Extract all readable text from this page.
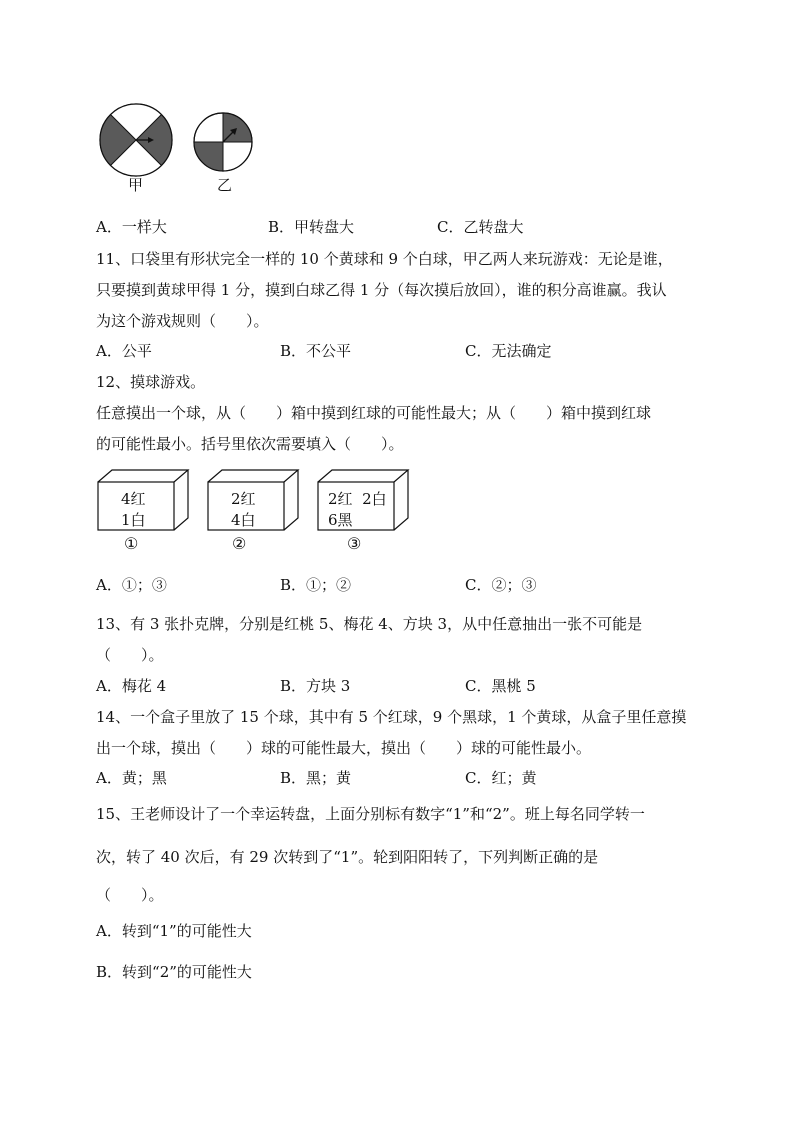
甲	乙
A．一样大	B．甲转盘大	C．乙转盘大
11、口袋里有形状完全一样的 10 个黄球和 9 个白球，甲乙两人来玩游戏：无论是谁，
只要摸到黄球甲得 1 分，摸到白球乙得 1 分（每次摸后放回），谁的积分高谁赢。我认
为这个游戏规则（　　）。
A．公平	B．不公平	C．无法确定
12、摸球游戏。
任意摸出一个球，从（　　）箱中摸到红球的可能性最大；从（　　）箱中摸到红球
的可能性最小。括号里依次需要填入（　　）。
4红
1白
2红
4白
2红  2白
6黑
①	②	③
A．①；③	B．①；②	C．②；③
13、有 3 张扑克牌，分别是红桃 5、梅花 4、方块 3，从中任意抽出一张不可能是
（　　）。
A．梅花 4	B．方块 3	C．黑桃 5
14、一个盒子里放了 15 个球，其中有 5 个红球，9 个黑球，1 个黄球，从盒子里任意摸
出一个球，摸出（　　）球的可能性最大，摸出（　　）球的可能性最小。
A．黄；黑	B．黑；黄	C．红；黄
15、王老师设计了一个幸运转盘，上面分别标有数字“1”和“2”。班上每名同学转一
次，转了 40 次后，有 29 次转到了“1”。轮到阳阳转了，下列判断正确的是
（　　）。
A．转到“1”的可能性大
B．转到“2”的可能性大
